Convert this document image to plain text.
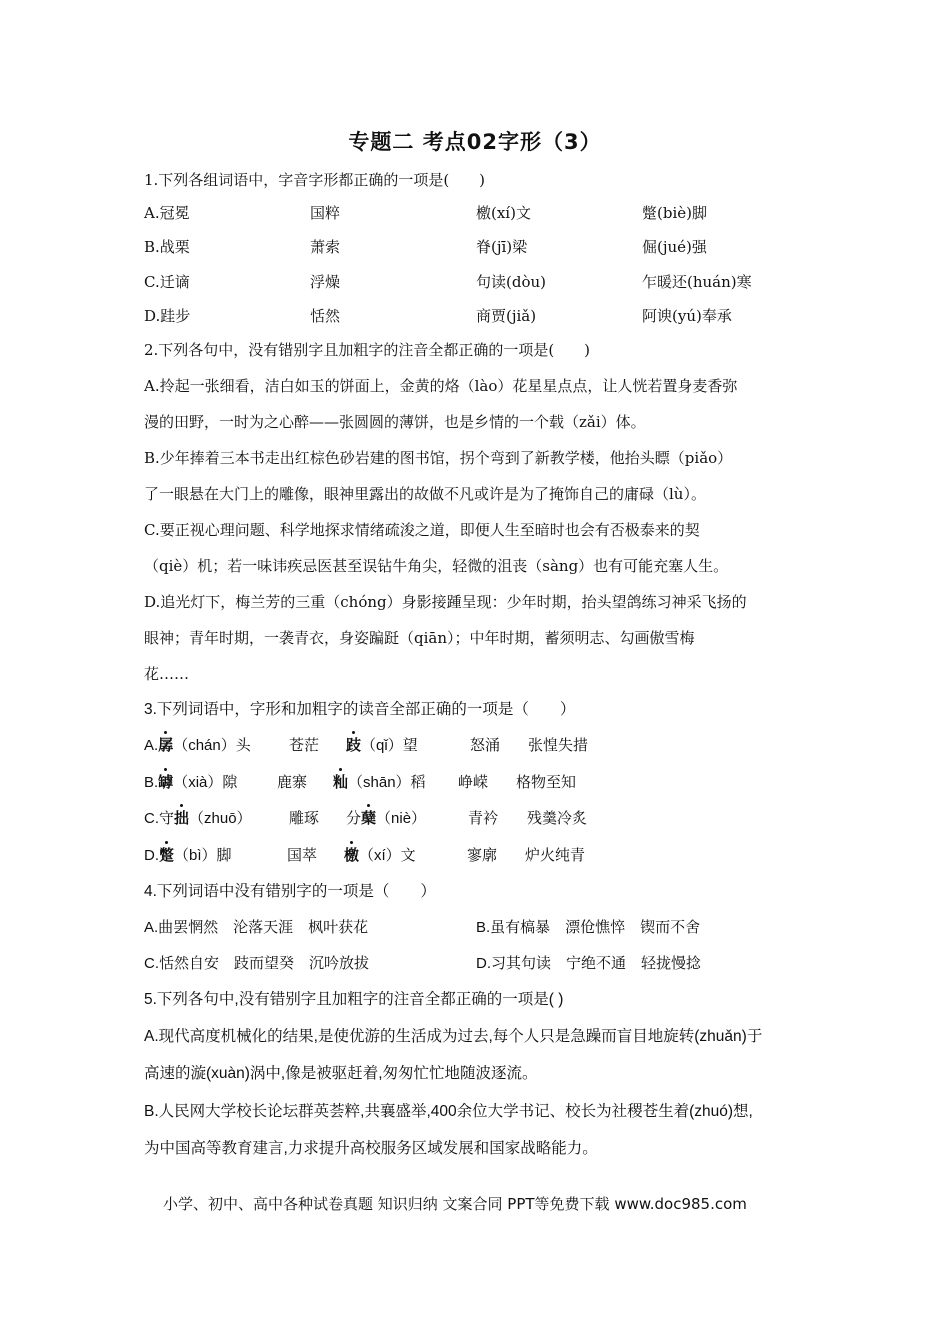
专题二 考点02字形（3）
1.下列各组词语中，字音字形都正确的一项是(　　)
A.冠冕	国粹	檄(xí)文	蹩(biè)脚
B.战栗	萧索	脊(jī)梁	倔(jué)强
C.迁谪	浮燥	句读(dòu)	乍暖还(huán)寒
D.跬步	恬然	商贾(jiǎ)	阿谀(yú)奉承
2.下列各句中，没有错别字且加粗字的注音全都正确的一项是(　　)
A.拎起一张细看，洁白如玉的饼面上，金黄的烙（lào）花星星点点，让人恍若置身麦香弥
漫的田野，一时为之心醉——张圆圆的薄饼，也是乡情的一个载（zǎi）体。
B.少年捧着三本书走出红棕色砂岩建的图书馆，拐个弯到了新教学楼，他抬头瞟（piǎo）
了一眼悬在大门上的雕像，眼神里露出的故做不凡或许是为了掩饰自己的庸碌（lù）。
C.要正视心理问题、科学地探求情绪疏浚之道，即便人生至暗时也会有否极泰来的契
（qiè）机；若一味讳疾忌医甚至误钻牛角尖，轻微的沮丧（sàng）也有可能充塞人生。
D.追光灯下，梅兰芳的三重（chóng）身影接踵呈现：少年时期，抬头望鸽练习神采飞扬的
眼神；青年时期，一袭青衣，身姿蹁跹（qiān）；中年时期，蓄须明志、勾画傲雪梅
花……
3.下列词语中，字形和加粗字的读音全部正确的一项是（　　）
A.孱（chán）头	苍茫 跂（qǐ）望	怒涌 张惶失措
B.罅（xià）隙	鹿寨 籼（shān）稻 峥嵘 格物至知
C.守拙（zhuō） 雕琢 分蘖（niè）	青衿 残羹冷炙
D.蹩（bì）脚	国萃 檄（xí）文	寥廓 炉火纯青
4.下列词语中没有错别字的一项是（　　）
A.曲罢惘然　沦落天涯　枫叶获花	B.虽有槁暴　漂伧憔悴　锲而不舍
C.恬然自安　跂而望癸　沉吟放拔	D.习其句读　宁绝不通　轻拢慢捻
5.下列各句中,没有错别字且加粗字的注音全都正确的一项是( )
A.现代高度机械化的结果,是使优游的生活成为过去,每个人只是急躁而盲目地旋转(zhuǎn)于
高速的漩(xuàn)涡中,像是被驱赶着,匆匆忙忙地随波逐流。
B.人民网大学校长论坛群英荟粹,共襄盛举,400余位大学书记、校长为社稷苍生着(zhuó)想,
为中国高等教育建言,力求提升高校服务区域发展和国家战略能力。
小学、初中、高中各种试卷真题 知识归纳 文案合同 PPT等免费下载 www.doc985.com
